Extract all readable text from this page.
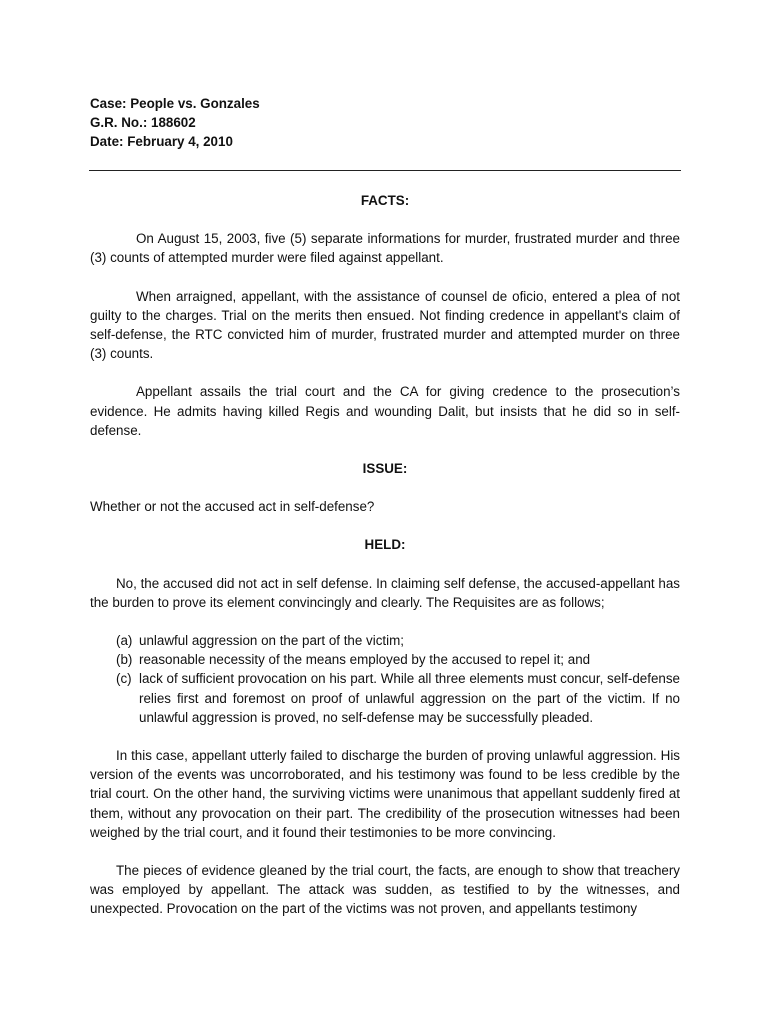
Case: People vs. Gonzales
G.R. No.: 188602
Date: February 4, 2010
FACTS:

On August 15, 2003, five (5) separate informations for murder, frustrated murder and three (3) counts of attempted murder were filed against appellant.

When arraigned, appellant, with the assistance of counsel de oficio, entered a plea of not guilty to the charges. Trial on the merits then ensued. Not finding credence in appellant's claim of self-defense, the RTC convicted him of murder, frustrated murder and attempted murder on three (3) counts.

Appellant assails the trial court and the CA for giving credence to the prosecution’s evidence. He admits having killed Regis and wounding Dalit, but insists that he did so in self-defense.

ISSUE:

Whether or not the accused act in self-defense?

HELD:

No, the accused did not act in self defense. In claiming self defense, the accused-appellant has the burden to prove its element convincingly and clearly. The Requisites are as follows;

(a) unlawful aggression on the part of the victim;
(b) reasonable necessity of the means employed by the accused to repel it; and
(c) lack of sufficient provocation on his part. While all three elements must concur, self-defense relies first and foremost on proof of unlawful aggression on the part of the victim. If no unlawful aggression is proved, no self-defense may be successfully pleaded.

In this case, appellant utterly failed to discharge the burden of proving unlawful aggression. His version of the events was uncorroborated, and his testimony was found to be less credible by the trial court. On the other hand, the surviving victims were unanimous that appellant suddenly fired at them, without any provocation on their part. The credibility of the prosecution witnesses had been weighed by the trial court, and it found their testimonies to be more convincing.

The pieces of evidence gleaned by the trial court, the facts, are enough to show that treachery was employed by appellant. The attack was sudden, as testified to by the witnesses, and unexpected. Provocation on the part of the victims was not proven, and appellants testimony
